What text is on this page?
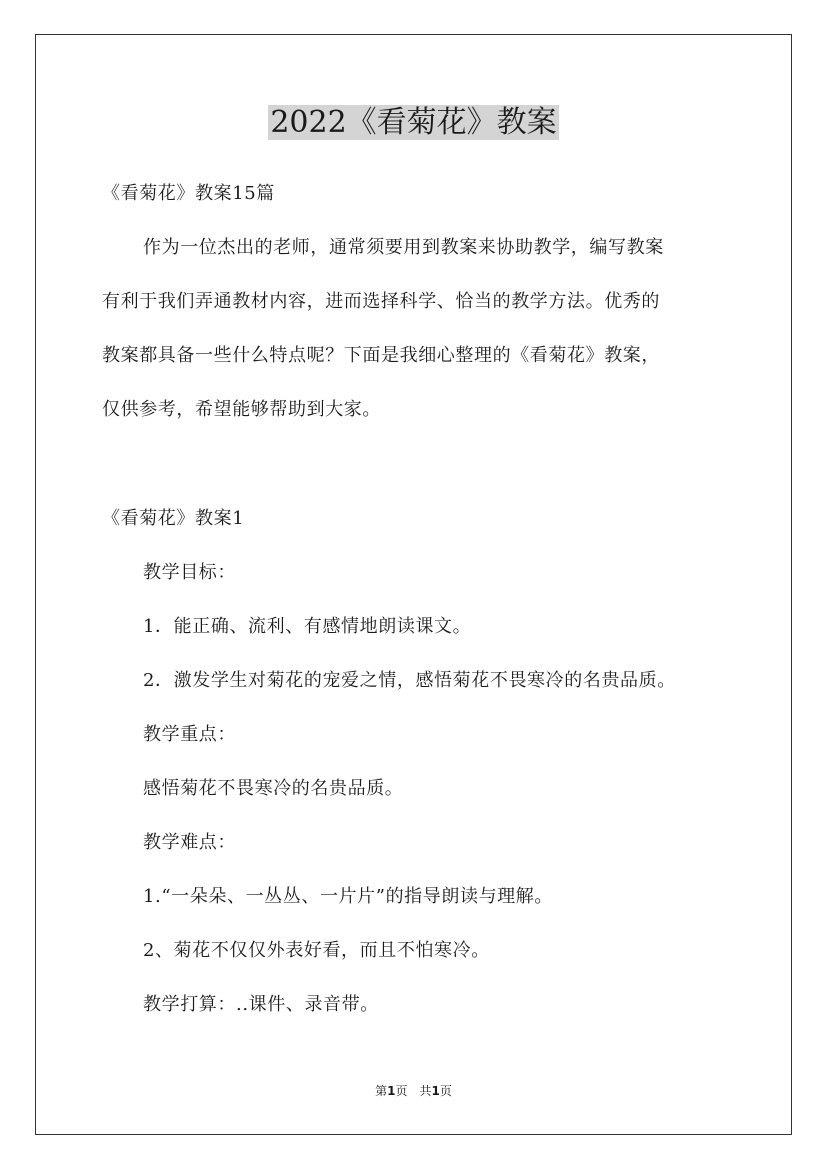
2022《看菊花》教案
《看菊花》教案15篇
作为一位杰出的老师，通常须要用到教案来协助教学，编写教案
有利于我们弄通教材内容，进而选择科学、恰当的教学方法。优秀的
教案都具备一些什么特点呢？下面是我细心整理的《看菊花》教案，
仅供参考，希望能够帮助到大家。
《看菊花》教案1
教学目标：
1．能正确、流利、有感情地朗读课文。
2．激发学生对菊花的宠爱之情，感悟菊花不畏寒冷的名贵品质。
教学重点：
感悟菊花不畏寒冷的名贵品质。
教学难点：
1.“一朵朵、一丛丛、一片片”的指导朗读与理解。
2、菊花不仅仅外表好看，而且不怕寒冷。
教学打算：..课件、录音带。
第1页　共1页
